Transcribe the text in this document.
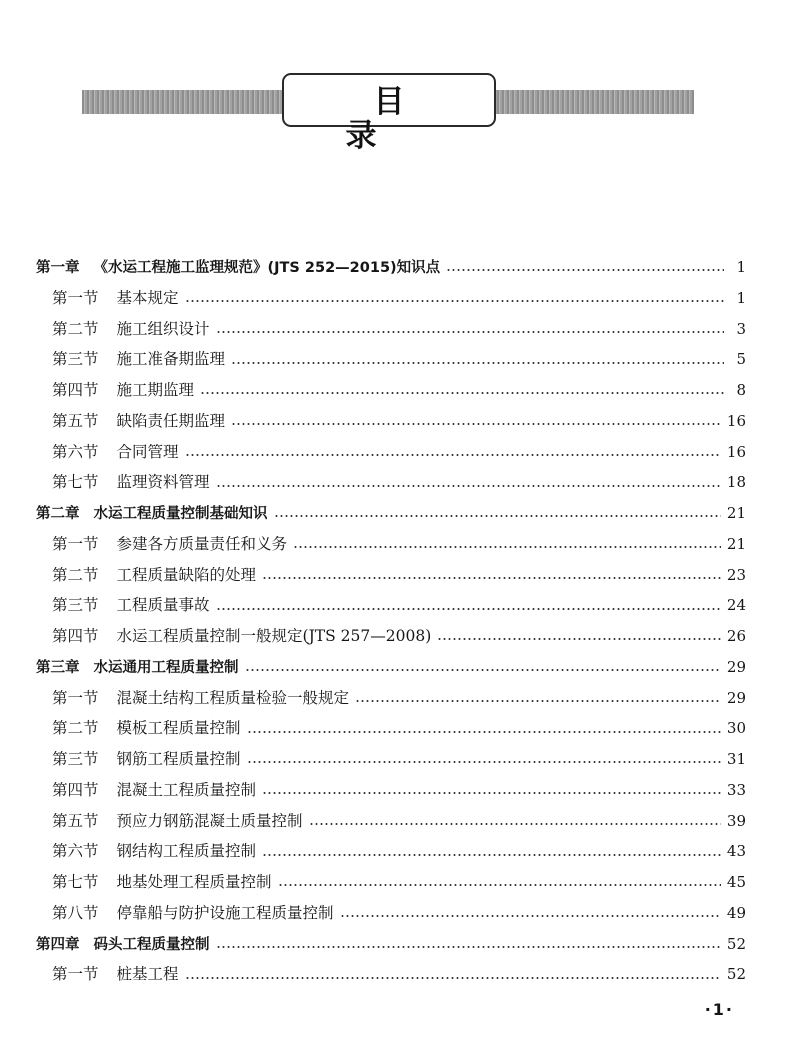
目 录
第一章 《水运工程施工监理规范》(JTS 252—2015)知识点	1
第一节 基本规定	1
第二节 施工组织设计	3
第三节 施工准备期监理	5
第四节 施工期监理	8
第五节 缺陷责任期监理	16
第六节 合同管理	16
第七节 监理资料管理	18
第二章 水运工程质量控制基础知识	21
第一节 参建各方质量责任和义务	21
第二节 工程质量缺陷的处理	23
第三节 工程质量事故	24
第四节 水运工程质量控制一般规定(JTS 257—2008)	26
第三章 水运通用工程质量控制	29
第一节 混凝土结构工程质量检验一般规定	29
第二节 模板工程质量控制	30
第三节 钢筋工程质量控制	31
第四节 混凝土工程质量控制	33
第五节 预应力钢筋混凝土质量控制	39
第六节 钢结构工程质量控制	43
第七节 地基处理工程质量控制	45
第八节 停靠船与防护设施工程质量控制	49
第四章 码头工程质量控制	52
第一节 桩基工程	52
·1·
